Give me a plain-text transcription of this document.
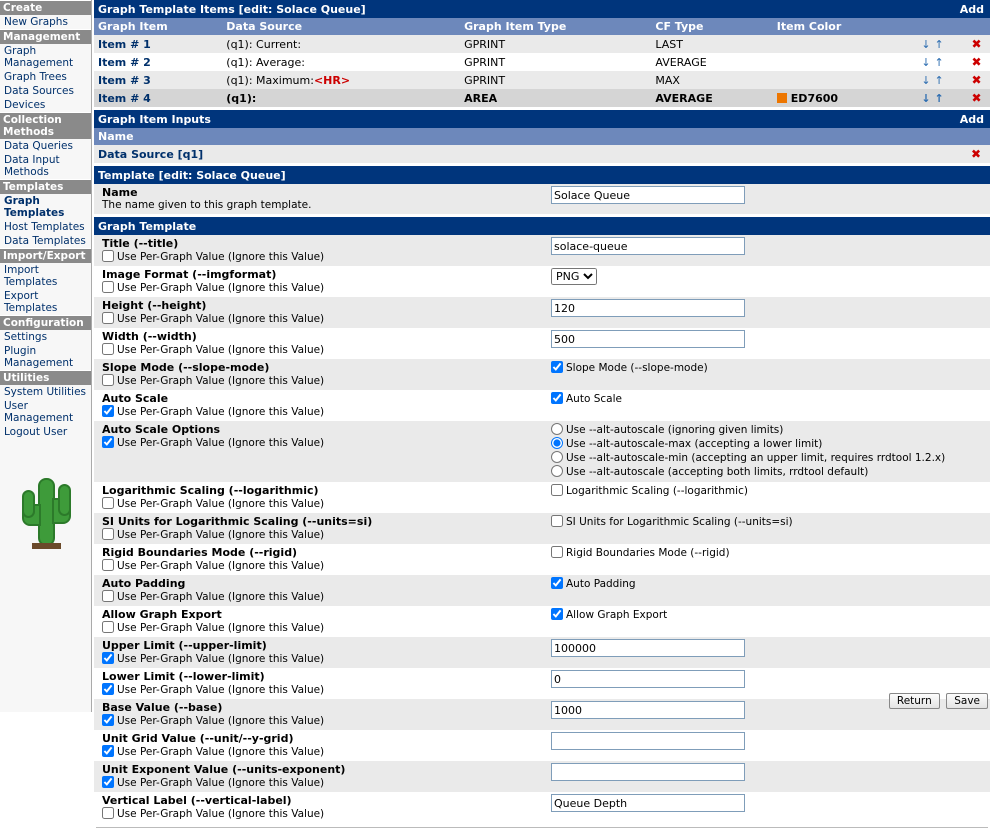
Create
New Graphs
Management
Graph Management
Graph Trees
Data Sources
Devices
Collection Methods
Data Queries
Data Input Methods
Templates
Graph Templates
Host Templates
Data Templates
Import/Export
Import Templates
Export Templates
Configuration
Settings
Plugin Management
Utilities
System Utilities
User Management
Logout User
Add
Graph Template Items [edit: Solace Queue]						
Graph Item	Data Source	Graph Item Type	CF Type	Item Color		
Item # 1	(q1): Current:	GPRINT	LAST		↓ ↑	✖
Item # 2	(q1): Average:	GPRINT	AVERAGE		↓ ↑	✖
Item # 3	(q1): Maximum:<HR>	GPRINT	MAX		↓ ↑	✖
Item # 4	(q1):	AREA	AVERAGE	ED7600	↓ ↑	✖
Add
Graph Item Inputs	
Name	
Data Source [q1]	✖
Template [edit: Solace Queue]

Name
The name given to this graph template.
	Solace Queue
Graph Template	

Title (--title)
Use Per-Graph Value (Ignore this Value)	solace-queue

Image Format (--imgformat)
Use Per-Graph Value (Ignore this Value)	
PNG

Height (--height)
Use Per-Graph Value (Ignore this Value)	120

Width (--width)
Use Per-Graph Value (Ignore this Value)	500

Slope Mode (--slope-mode)
Use Per-Graph Value (Ignore this Value)	Slope Mode (--slope-mode)

Auto Scale
Use Per-Graph Value (Ignore this Value)	Auto Scale

Auto Scale Options
Use Per-Graph Value (Ignore this Value)	Use --alt-autoscale (ignoring given limits)
Use --alt-autoscale-max (accepting a lower limit)
Use --alt-autoscale-min (accepting an upper limit, requires rrdtool 1.2.x)
Use --alt-autoscale (accepting both limits, rrdtool default)

Logarithmic Scaling (--logarithmic)
Use Per-Graph Value (Ignore this Value)	Logarithmic Scaling (--logarithmic)

SI Units for Logarithmic Scaling (--units=si)
Use Per-Graph Value (Ignore this Value)	SI Units for Logarithmic Scaling (--units=si)

Rigid Boundaries Mode (--rigid)
Use Per-Graph Value (Ignore this Value)	Rigid Boundaries Mode (--rigid)

Auto Padding
Use Per-Graph Value (Ignore this Value)	Auto Padding

Allow Graph Export
Use Per-Graph Value (Ignore this Value)	Allow Graph Export

Upper Limit (--upper-limit)
Use Per-Graph Value (Ignore this Value)	100000

Lower Limit (--lower-limit)
Use Per-Graph Value (Ignore this Value)	0

Base Value (--base)
Use Per-Graph Value (Ignore this Value)	1000

Unit Grid Value (--unit/--y-grid)
Use Per-Graph Value (Ignore this Value)	

Unit Exponent Value (--units-exponent)
Use Per-Graph Value (Ignore this Value)	

Vertical Label (--vertical-label)
Use Per-Graph Value (Ignore this Value)	Queue Depth
Return Save
